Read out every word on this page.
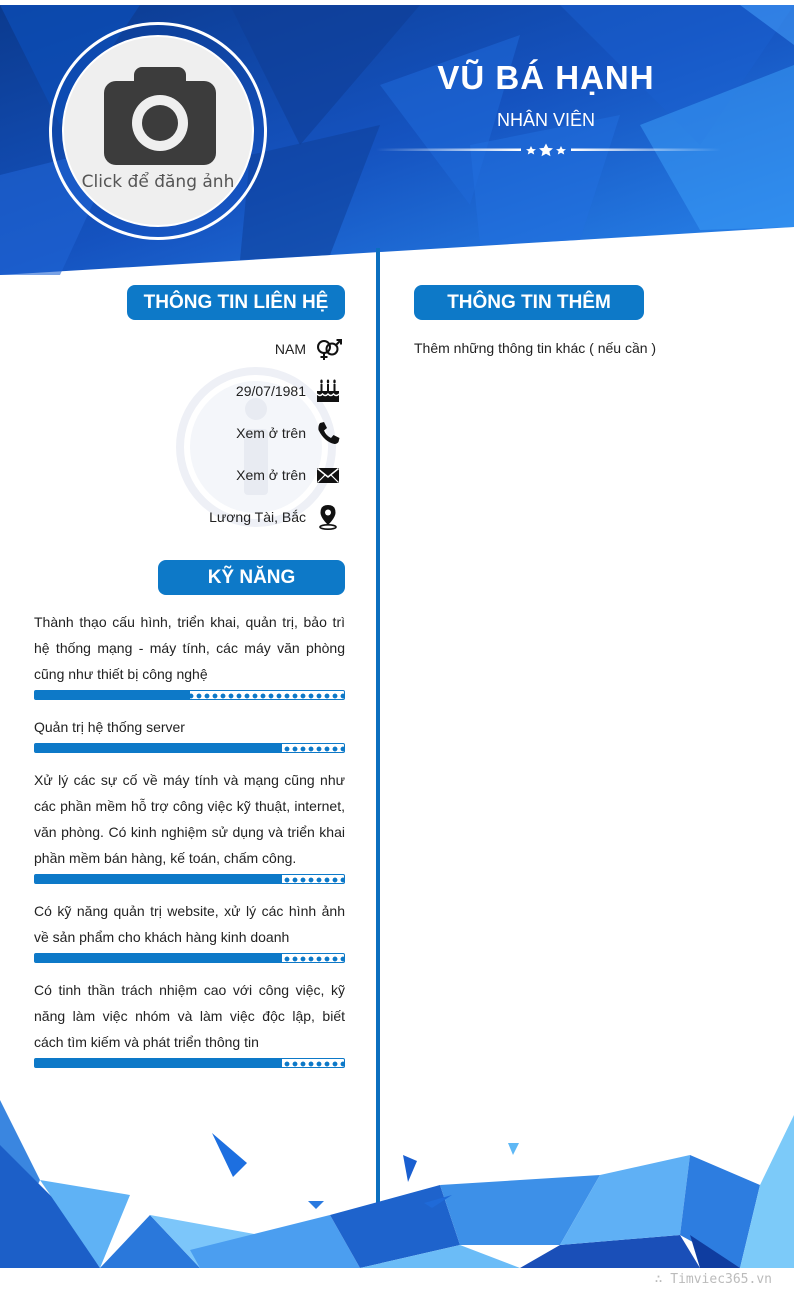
Click để đăng ảnh
VŨ BÁ HẠNH
NHÂN VIÊN
THÔNG TIN LIÊN HỆ
NAM
29/07/1981
Xem ở trên
Xem ở trên
Lương Tài, Bắc
KỸ NĂNG
Thành thạo cấu hình, triển khai, quản trị, bảo trì hệ thống mạng - máy tính, các máy văn phòng cũng như thiết bị công nghệ
Quản trị hệ thống server
Xử lý các sự cố về máy tính và mạng cũng như các phần mềm hỗ trợ công việc kỹ thuật, internet, văn phòng. Có kinh nghiệm sử dụng và triển khai phần mềm bán hàng, kế toán, chấm công.
Có kỹ năng quản trị website, xử lý các hình ảnh về sản phẩm cho khách hàng kinh doanh
Có tinh thần trách nhiệm cao với công việc, kỹ năng làm việc nhóm và làm việc độc lập, biết cách tìm kiếm và phát triển thông tin
THÔNG TIN THÊM
Thêm những thông tin khác ( nếu cần )
∴ Timviec365.vn
